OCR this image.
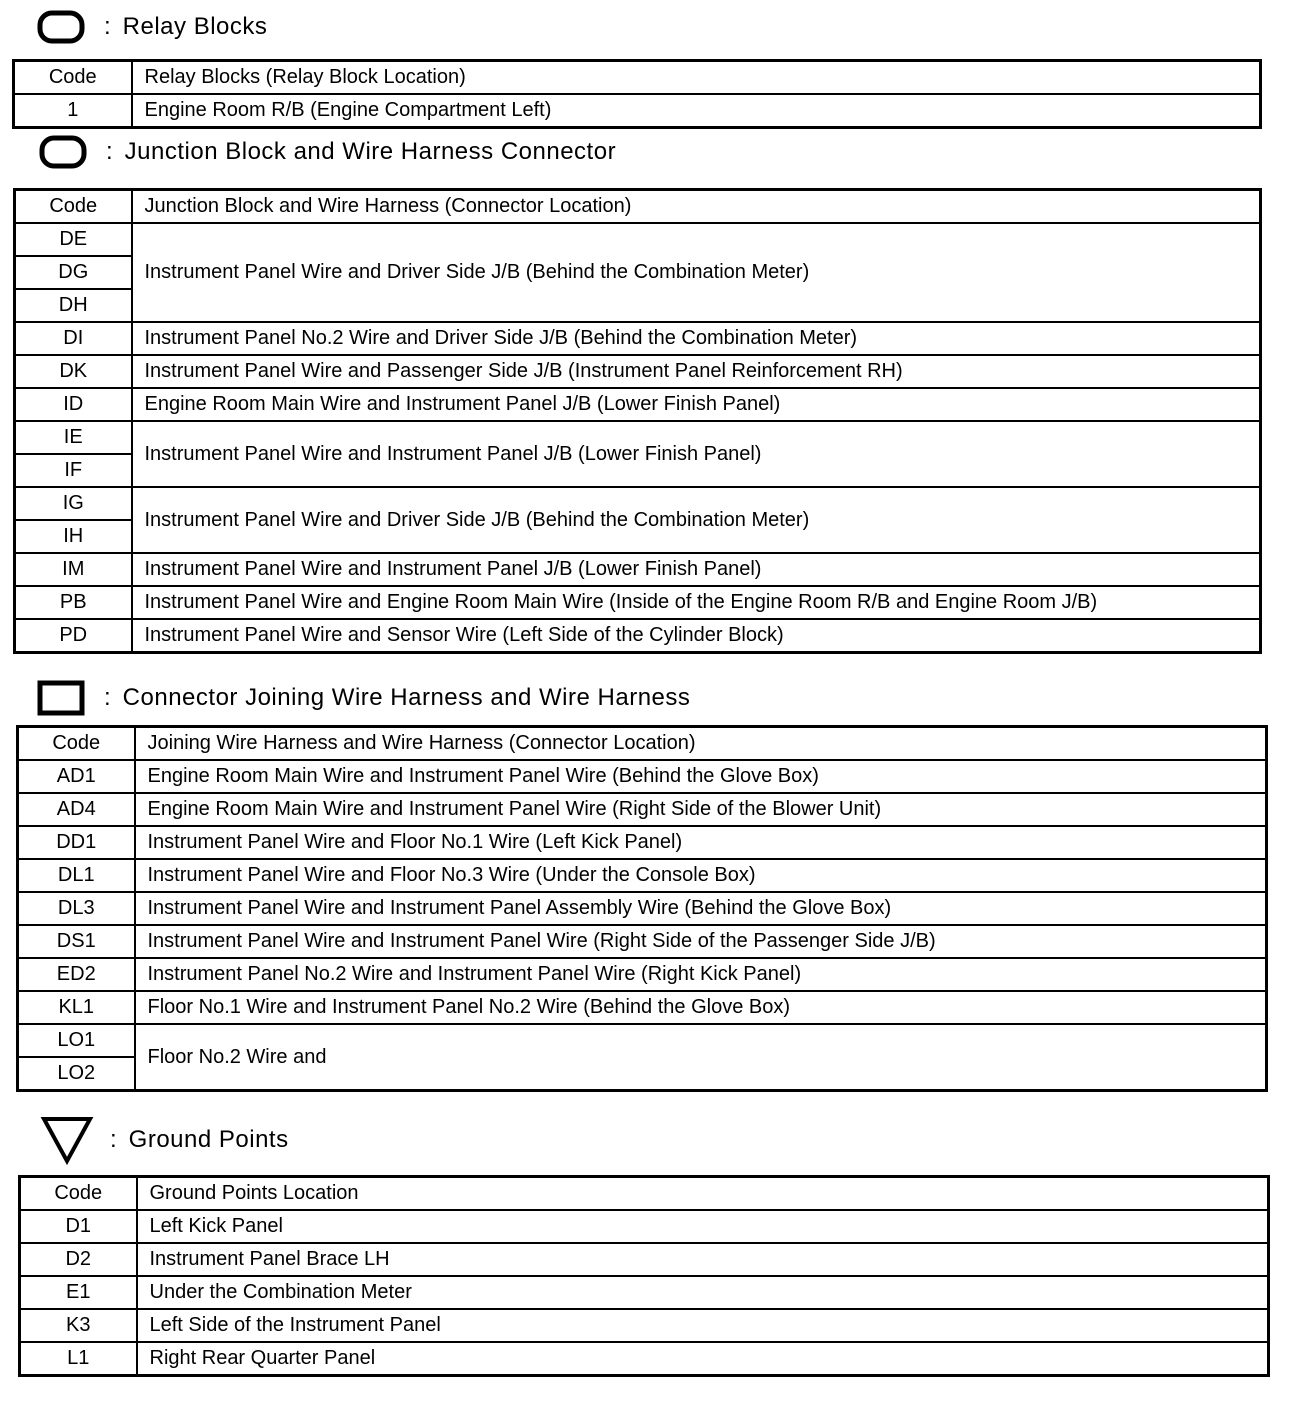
: Relay Blocks
Code	Relay Blocks (Relay Block Location)
1	Engine Room R/B (Engine Compartment Left)
: Junction Block and Wire Harness Connector
Code	Junction Block and Wire Harness (Connector Location)
DE	Instrument Panel Wire and Driver Side J/B (Behind the Combination Meter)
DG	
DH	
DI	Instrument Panel No.2 Wire and Driver Side J/B (Behind the Combination Meter)
DK	Instrument Panel Wire and Passenger Side J/B (Instrument Panel Reinforcement RH)
ID	Engine Room Main Wire and Instrument Panel J/B (Lower Finish Panel)
IE	Instrument Panel Wire and Instrument Panel J/B (Lower Finish Panel)
IF	
IG	Instrument Panel Wire and Driver Side J/B (Behind the Combination Meter)
IH	
IM	Instrument Panel Wire and Instrument Panel J/B (Lower Finish Panel)
PB	Instrument Panel Wire and Engine Room Main Wire (Inside of the Engine Room R/B and Engine Room J/B)
PD	Instrument Panel Wire and Sensor Wire (Left Side of the Cylinder Block)
: Connector Joining Wire Harness and Wire Harness
Code	Joining Wire Harness and Wire Harness (Connector Location)
AD1	Engine Room Main Wire and Instrument Panel Wire (Behind the Glove Box)
AD4	Engine Room Main Wire and Instrument Panel Wire (Right Side of the Blower Unit)
DD1	Instrument Panel Wire and Floor No.1 Wire (Left Kick Panel)
DL1	Instrument Panel Wire and Floor No.3 Wire (Under the Console Box)
DL3	Instrument Panel Wire and Instrument Panel Assembly Wire (Behind the Glove Box)
DS1	Instrument Panel Wire and Instrument Panel Wire (Right Side of the Passenger Side J/B)
ED2	Instrument Panel No.2 Wire and Instrument Panel Wire (Right Kick Panel)
KL1	Floor No.1 Wire and Instrument Panel No.2 Wire (Behind the Glove Box)
LO1	Floor No.2 Wire and
LO2	
: Ground Points
Code	Ground Points Location
D1	Left Kick Panel
D2	Instrument Panel Brace LH
E1	Under the Combination Meter
K3	Left Side of the Instrument Panel
L1	Right Rear Quarter Panel
